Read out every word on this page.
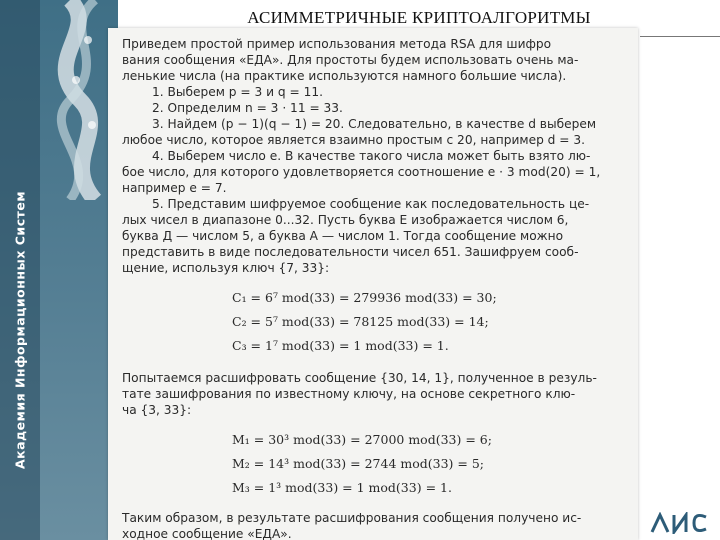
Академия Информационных Систем
АСИММЕТРИЧНЫЕ КРИПТОАЛГОРИТМЫ
Приведем простой пример использования метода RSA для шифро
вания сообщения «ЕДА». Для простоты будем использовать очень ма-
ленькие числа (на практике используются намного большие числа).
1. Выберем p = 3 и q = 11.
2. Определим n = 3 · 11 = 33.
3. Найдем (p − 1)(q − 1) = 20. Следовательно, в качестве d выберем
любое число, которое является взаимно простым с 20, например d = 3.
4. Выберем число e. В качестве такого числа может быть взято лю-
бое число, для которого удовлетворяется соотношение e · 3 mod(20) = 1,
например e = 7.
5. Представим шифруемое сообщение как последовательность це-
лых чисел в диапазоне 0...32. Пусть буква Е изображается числом 6,
буква Д — числом 5, а буква А — числом 1. Тогда сообщение можно
представить в виде последовательности чисел 651. Зашифруем сооб-
щение, используя ключ {7, 33}:
C₁ = 6⁷ mod(33) = 279936 mod(33) = 30;
C₂ = 5⁷ mod(33) = 78125 mod(33) = 14;
C₃ = 1⁷ mod(33) = 1 mod(33) = 1.
Попытаемся расшифровать сообщение {30, 14, 1}, полученное в резуль-
тате зашифрования по известному ключу, на основе секретного клю-
ча {3, 33}:
M₁ = 30³ mod(33) = 27000 mod(33) = 6;
M₂ = 14³ mod(33) = 2744 mod(33) = 5;
M₃ = 1³ mod(33) = 1 mod(33) = 1.
Таким образом, в результате расшифрования сообщения получено ис-
ходное сообщение «ЕДА».
